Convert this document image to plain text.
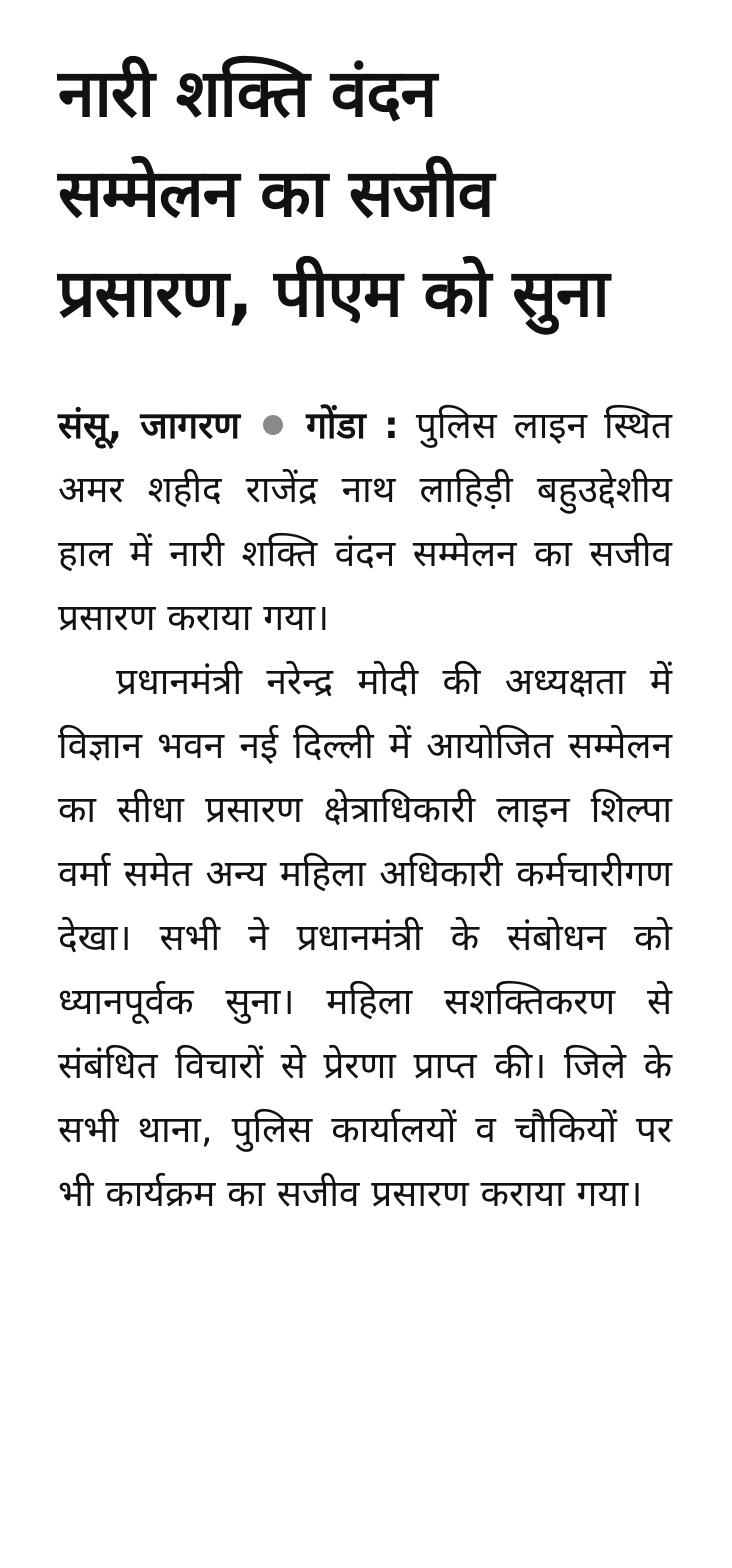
नारी शक्ति वंदन
सम्मेलन का सजीव
प्रसारण, पीएम को सुना

संसू, जागरण गोंडा : पुलिस लाइन स्थित अमर शहीद राजेंद्र नाथ लाहिड़ी बहुउद्देशीय हाल में नारी शक्ति वंदन सम्मेलन का सजीव प्रसारण कराया गया।

प्रधानमंत्री नरेन्द्र मोदी की अध्यक्षता में विज्ञान भवन नई दिल्ली में आयोजित सम्मेलन का सीधा प्रसारण क्षेत्राधिकारी लाइन शिल्पा वर्मा समेत अन्य महिला अधिकारी कर्मचारीगण देखा। सभी ने प्रधानमंत्री के संबोधन को ध्यानपूर्वक सुना। महिला सशक्तिकरण से संबंधित विचारों से प्रेरणा प्राप्त की। जिले के सभी थाना, पुलिस कार्यालयों व चौकियों पर भी कार्यक्रम का सजीव प्रसारण कराया गया।
